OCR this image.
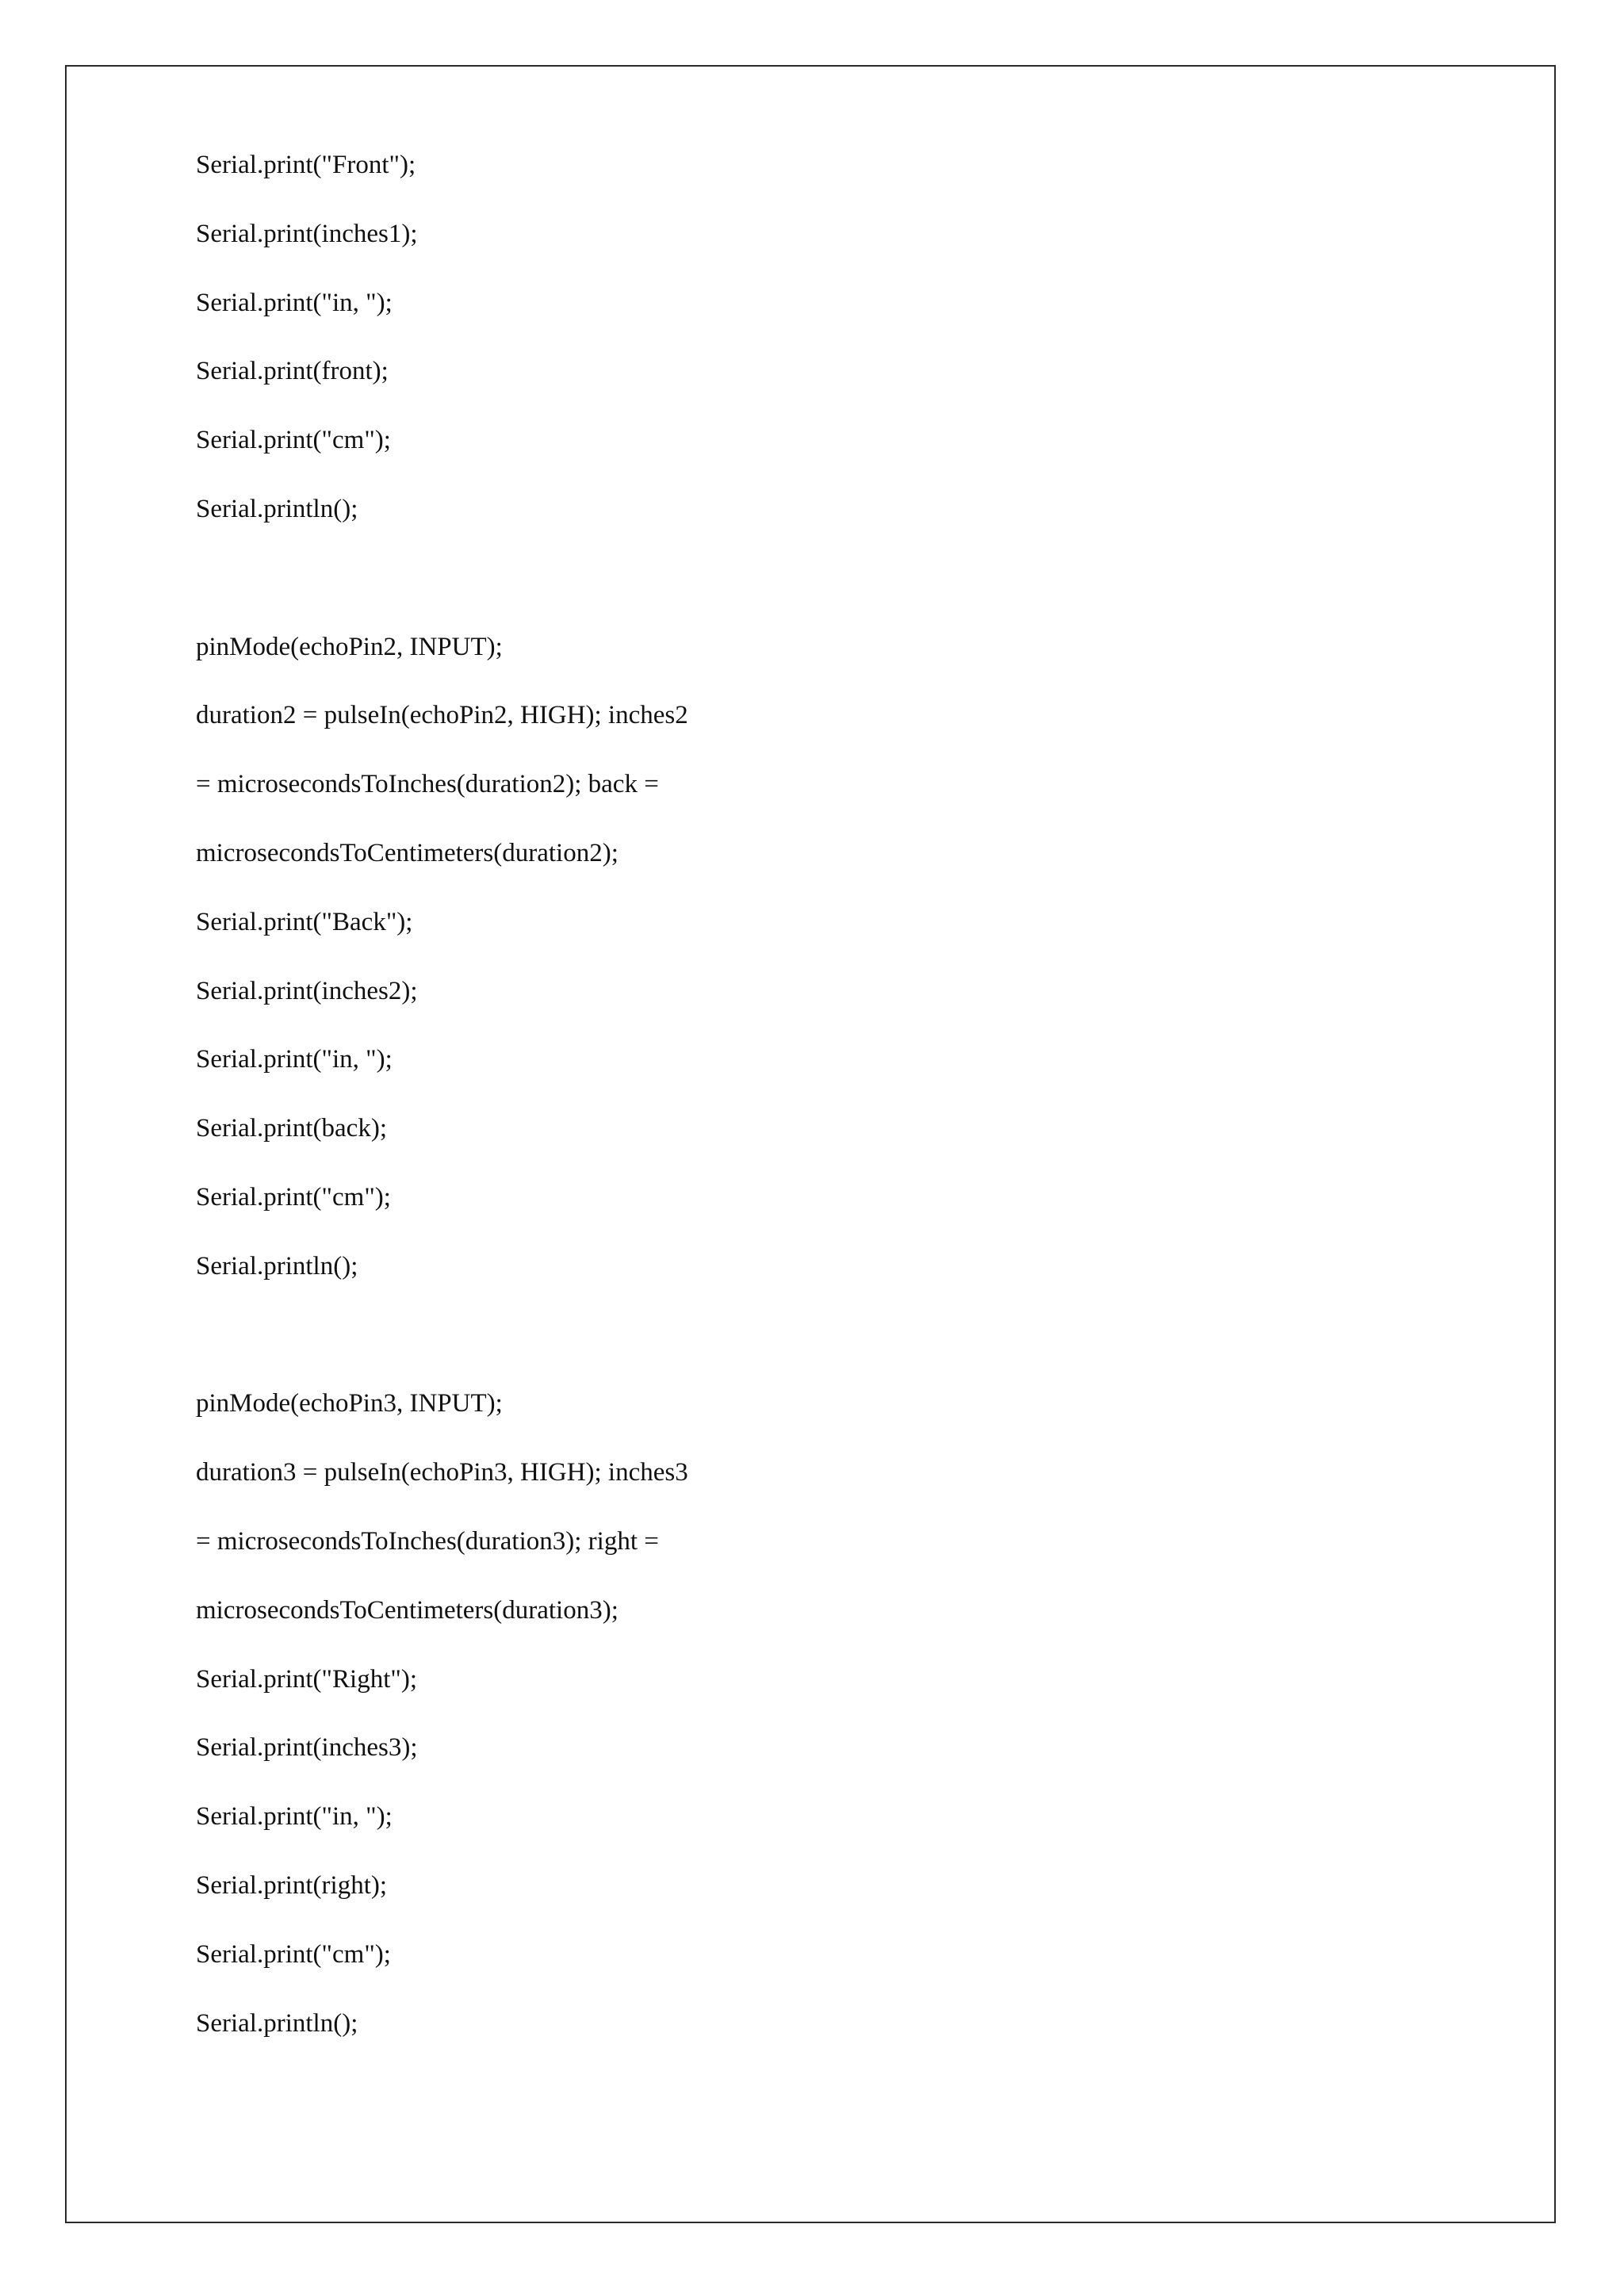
Serial.print("Front");
Serial.print(inches1);
Serial.print("in, ");
Serial.print(front);
Serial.print("cm");
Serial.println();
pinMode(echoPin2, INPUT);
duration2 = pulseIn(echoPin2, HIGH); inches2
= microsecondsToInches(duration2); back =
microsecondsToCentimeters(duration2);
Serial.print("Back");
Serial.print(inches2);
Serial.print("in, ");
Serial.print(back);
Serial.print("cm");
Serial.println();
pinMode(echoPin3, INPUT);
duration3 = pulseIn(echoPin3, HIGH); inches3
= microsecondsToInches(duration3); right =
microsecondsToCentimeters(duration3);
Serial.print("Right");
Serial.print(inches3);
Serial.print("in, ");
Serial.print(right);
Serial.print("cm");
Serial.println();
